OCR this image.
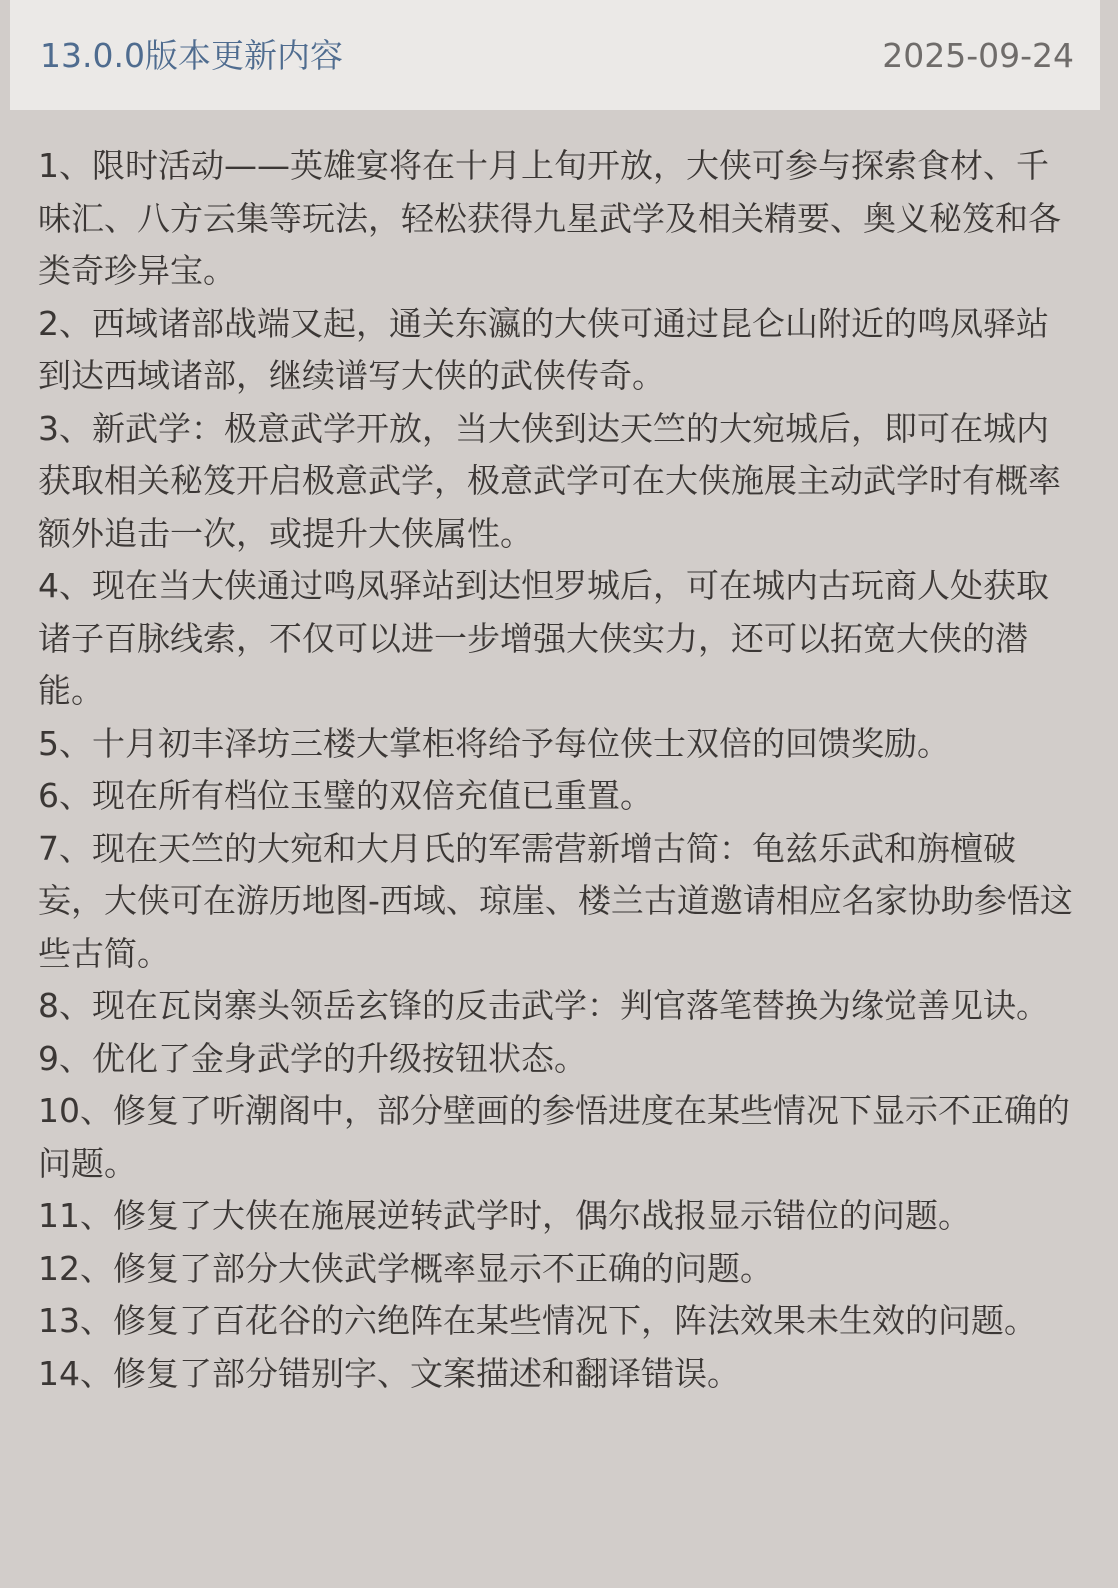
13.0.0版本更新内容	2025-09-24
1、限时活动——英雄宴将在十月上旬开放，大侠可参与探索食材、千味汇、八方云集等玩法，轻松获得九星武学及相关精要、奥义秘笈和各类奇珍异宝。
2、西域诸部战端又起，通关东瀛的大侠可通过昆仑山附近的鸣凤驿站到达西域诸部，继续谱写大侠的武侠传奇。
3、新武学：极意武学开放，当大侠到达天竺的大宛城后，即可在城内获取相关秘笈开启极意武学，极意武学可在大侠施展主动武学时有概率额外追击一次，或提升大侠属性。
4、现在当大侠通过鸣凤驿站到达怛罗城后，可在城内古玩商人处获取诸子百脉线索，不仅可以进一步增强大侠实力，还可以拓宽大侠的潜能。
5、十月初丰泽坊三楼大掌柜将给予每位侠士双倍的回馈奖励。
6、现在所有档位玉璧的双倍充值已重置。
7、现在天竺的大宛和大月氏的军需营新增古简：龟兹乐武和旃檀破妄，大侠可在游历地图-西域、琼崖、楼兰古道邀请相应名家协助参悟这些古简。
8、现在瓦岗寨头领岳玄锋的反击武学：判官落笔替换为缘觉善见诀。
9、优化了金身武学的升级按钮状态。
10、修复了听潮阁中，部分壁画的参悟进度在某些情况下显示不正确的问题。
11、修复了大侠在施展逆转武学时，偶尔战报显示错位的问题。
12、修复了部分大侠武学概率显示不正确的问题。
13、修复了百花谷的六绝阵在某些情况下，阵法效果未生效的问题。
14、修复了部分错别字、文案描述和翻译错误。
